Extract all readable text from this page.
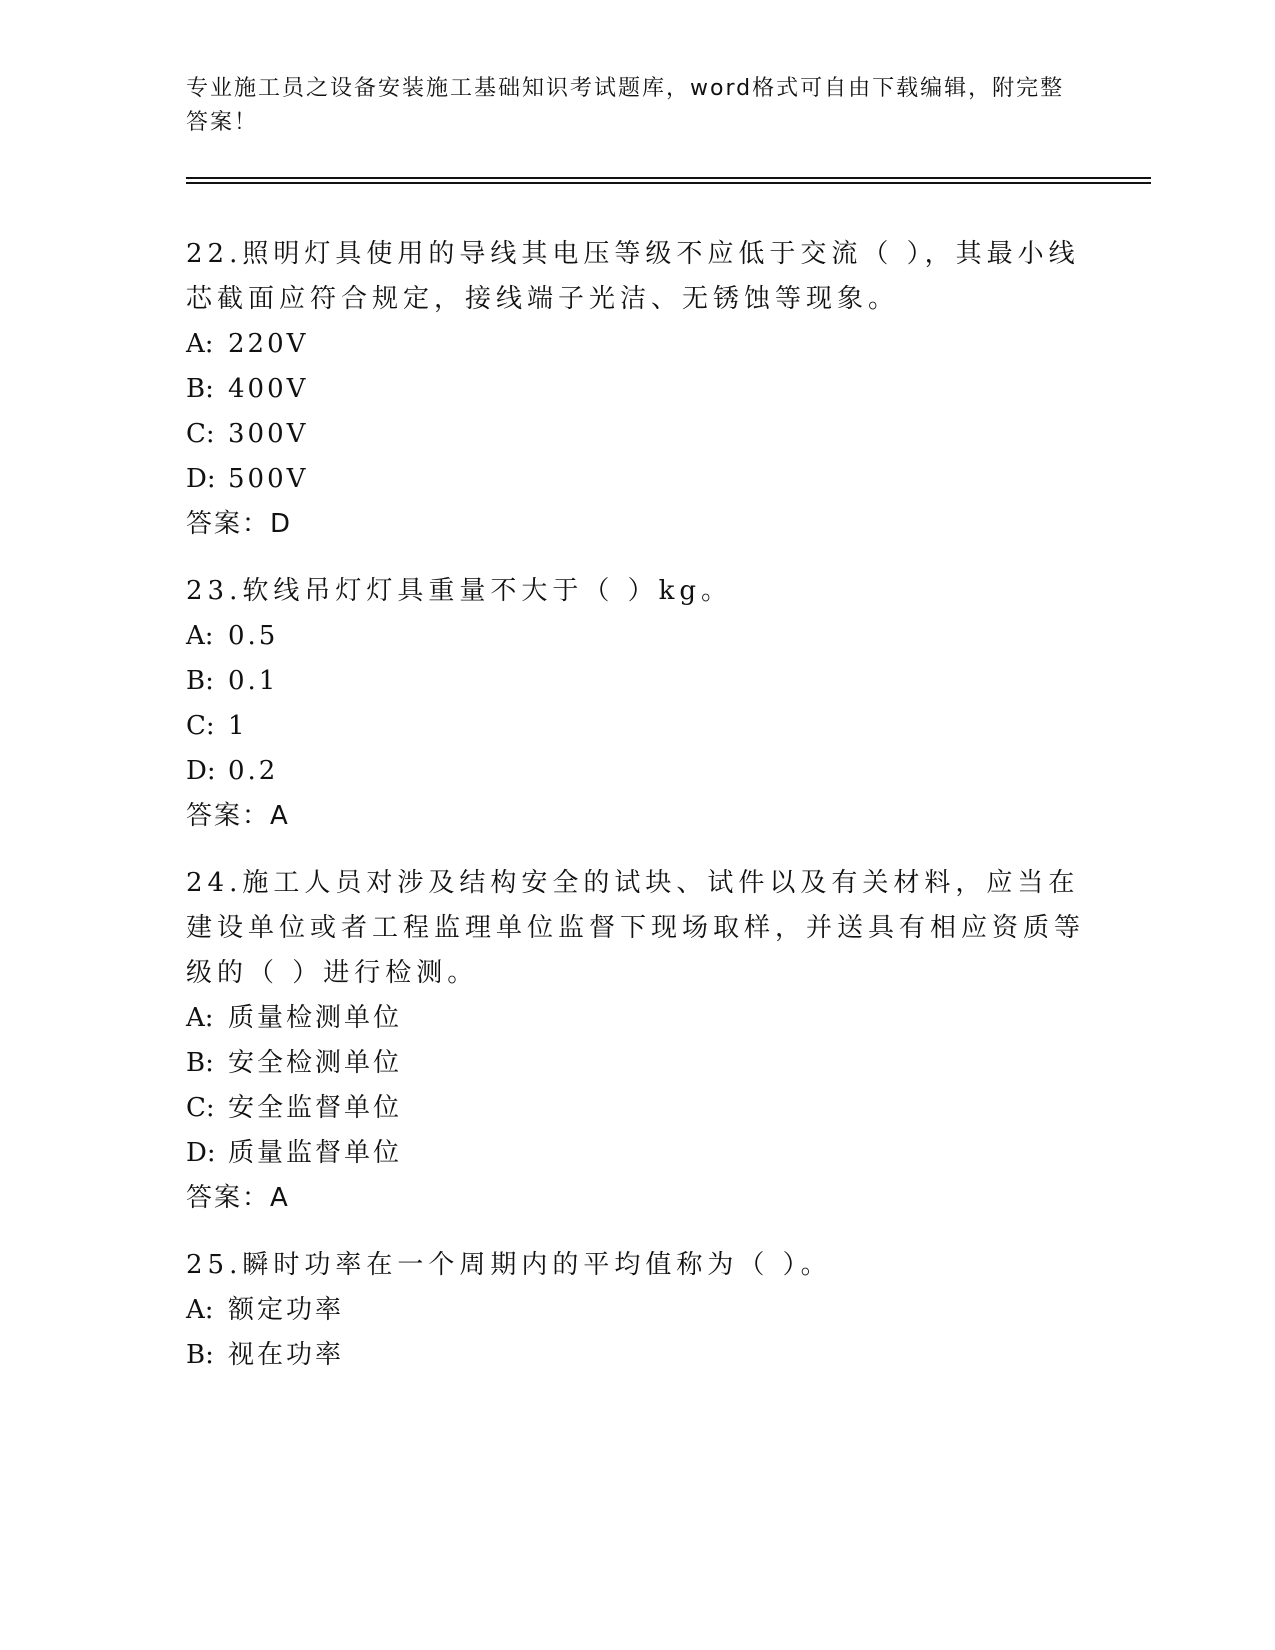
专业施工员之设备安装施工基础知识考试题库，word格式可自由下载编辑，附完整答案！
22.照明灯具使用的导线其电压等级不应低于交流（ ），其最小线芯截面应符合规定，接线端子光洁、无锈蚀等现象。
A: 220V
B: 400V
C: 300V
D: 500V
答案：D
23.软线吊灯灯具重量不大于（ ）kg。
A: 0.5
B: 0.1
C: 1
D: 0.2
答案：A
24.施工人员对涉及结构安全的试块、试件以及有关材料，应当在建设单位或者工程监理单位监督下现场取样，并送具有相应资质等级的（ ）进行检测。
A: 质量检测单位
B: 安全检测单位
C: 安全监督单位
D: 质量监督单位
答案：A
25.瞬时功率在一个周期内的平均值称为（ ）。
A: 额定功率
B: 视在功率
